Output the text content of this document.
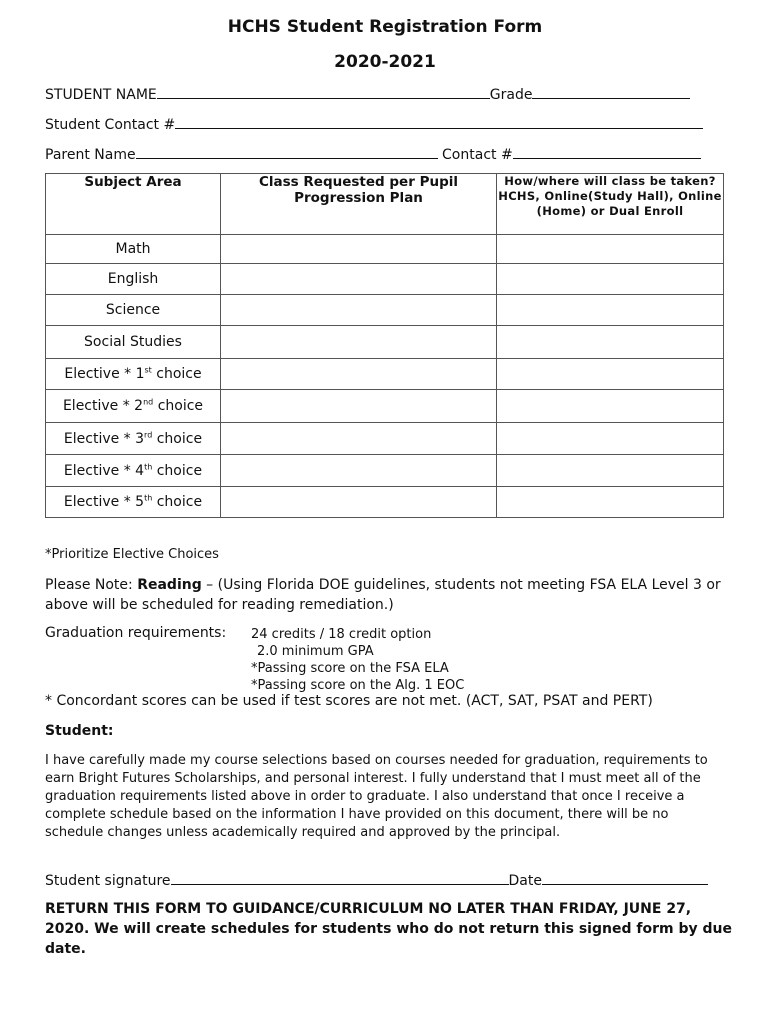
HCHS Student Registration Form
2020-2021
STUDENT NAME	Grade
Student Contact #
Parent Name	Contact #
Subject Area	Class Requested per Pupil Progression Plan	How/where will class be taken? HCHS, Online(Study Hall), Online (Home) or Dual Enroll
Math		
English		
Science		
Social Studies		
Elective * 1st choice		
Elective * 2nd choice		
Elective * 3rd choice		
Elective * 4th choice		
Elective * 5th choice		
*Prioritize Elective Choices
Please Note: Reading – (Using Florida DOE guidelines, students not meeting FSA ELA Level 3 or above will be scheduled for reading remediation.)
Graduation requirements: 24 credits / 18 credit option
2.0 minimum GPA
*Passing score on the FSA ELA
*Passing score on the Alg. 1 EOC
* Concordant scores can be used if test scores are not met. (ACT, SAT, PSAT and PERT)
Student:
I have carefully made my course selections based on courses needed for graduation, requirements to earn Bright Futures Scholarships, and personal interest. I fully understand that I must meet all of the graduation requirements listed above in order to graduate. I also understand that once I receive a complete schedule based on the information I have provided on this document, there will be no schedule changes unless academically required and approved by the principal.
Student signature	Date
RETURN THIS FORM TO GUIDANCE/CURRICULUM NO LATER THAN FRIDAY, JUNE 27, 2020. We will create schedules for students who do not return this signed form by due date.
